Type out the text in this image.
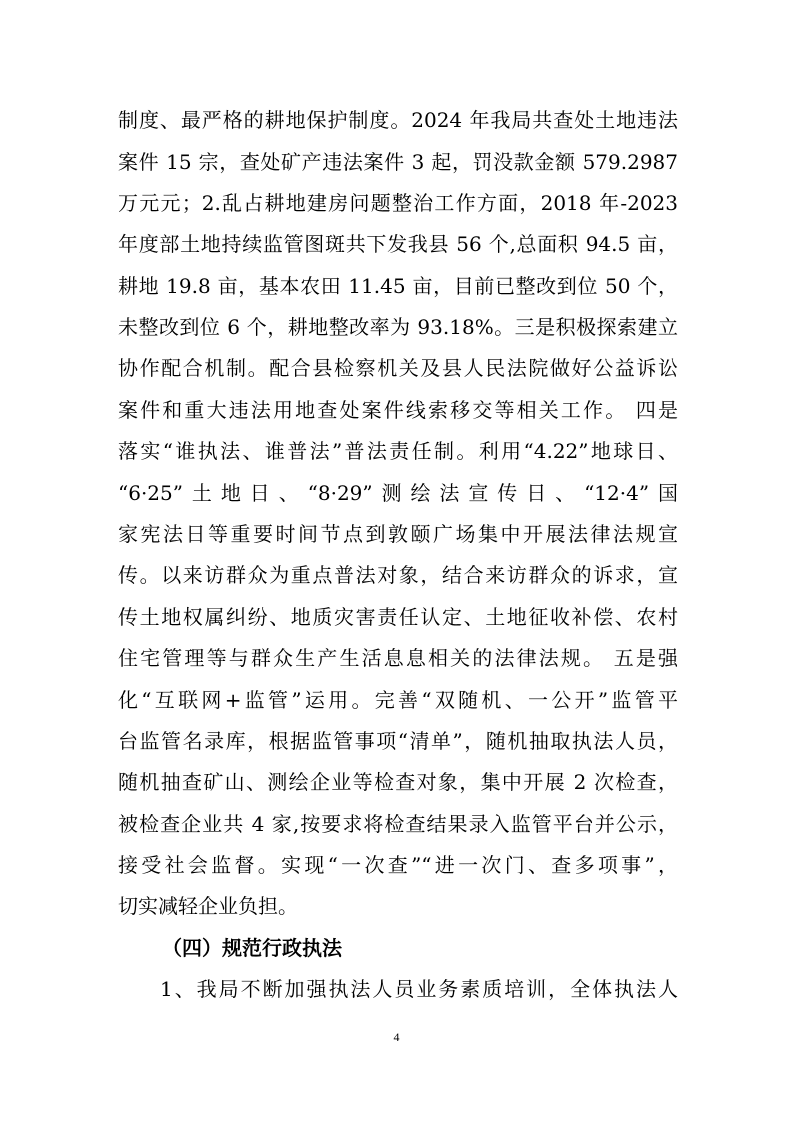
制度、最严格的耕地保护制度。2024 年我局共查处土地违法
案件 15 宗，查处矿产违法案件 3 起，罚没款金额 579.2987
万元元；2.乱占耕地建房问题整治工作方面，2018 年-2023
年度部土地持续监管图斑共下发我县 56 个,总面积 94.5 亩，
耕地 19.8 亩，基本农田 11.45 亩，目前已整改到位 50 个，
未整改到位 6 个，耕地整改率为 93.18%。三是积极探索建立
协作配合机制。配合县检察机关及县人民法院做好公益诉讼
案件和重大违法用地查处案件线索移交等相关工作。 四是
落实“谁执法、谁普法”普法责任制。利用“4.22”地球日、
“6·25”土地日、“8·29”测绘法宣传日、“12·4”国
家宪法日等重要时间节点到敦颐广场集中开展法律法规宣
传。以来访群众为重点普法对象，结合来访群众的诉求，宣
传土地权属纠纷、地质灾害责任认定、土地征收补偿、农村
住宅管理等与群众生产生活息息相关的法律法规。 五是强
化“互联网+监管”运用。完善“双随机、一公开”监管平
台监管名录库，根据监管事项“清单”，随机抽取执法人员，
随机抽查矿山、测绘企业等检查对象，集中开展 2 次检查，
被检查企业共 4 家,按要求将检查结果录入监管平台并公示，
接受社会监督。实现“一次查”“进一次门、查多项事”，
切实减轻企业负担。
（四）规范行政执法
1、我局不断加强执法人员业务素质培训，全体执法人
4
